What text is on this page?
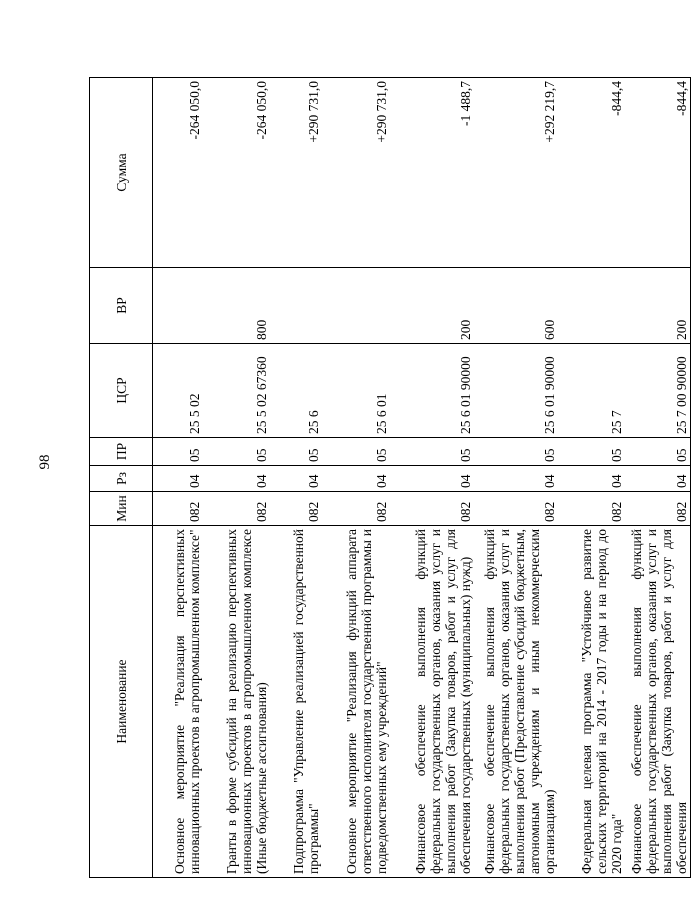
98
Наименование	Мин	Рз	ПР	ЦСР	ВР	Сумма
Основное мероприятие "Реализация перспективных инновационных проектов в агропромышленном комплексе"	082	04	05	25 5 02		-264 050,0
Гранты в форме субсидий на реализацию перспективных инновационных проектов в агропромышленном комплексе (Иные бюджетные ассигнования)	082	04	05	25 5 02 67360	800	-264 050,0
Подпрограмма "Управление реализацией государственной программы"	082	04	05	25 6		+290 731,0
Основное мероприятие "Реализация функций аппарата ответственного исполнителя государственной программы и подведомственных ему учреждений"	082	04	05	25 6 01		+290 731,0
Финансовое обеспечение выполнения функций федеральных государственных органов, оказания услуг и выполнения работ (Закупка товаров, работ и услуг для обеспечения государственных (муниципальных) нужд)	082	04	05	25 6 01 90000	200	-1 488,7
Финансовое обеспечение выполнения функций федеральных государственных органов, оказания услуг и выполнения работ (Предоставление субсидий бюджетным, автономным учреждениям и иным некоммерческим организациям)	082	04	05	25 6 01 90000	600	+292 219,7
Федеральная целевая программа "Устойчивое развитие сельских территорий на 2014 - 2017 годы и на период до 2020 года"	082	04	05	25 7		-844,4
Финансовое обеспечение выполнения функций федеральных государственных органов, оказания услуг и выполнения работ (Закупка товаров, работ и услуг для обеспечения	082	04	05	25 7 00 90000	200	-844,4
